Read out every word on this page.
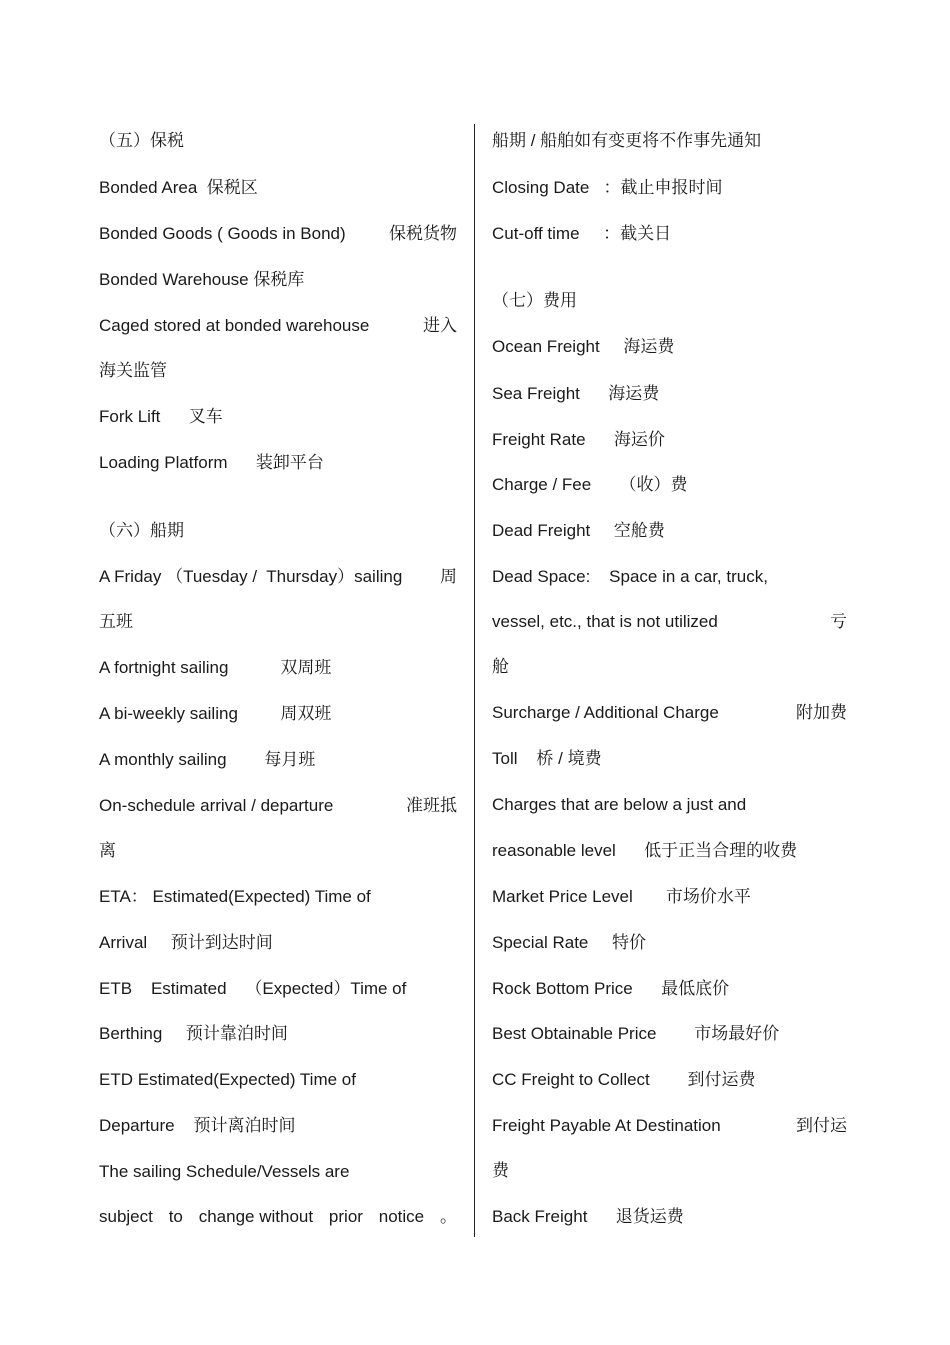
（五）保税
Bonded Area  保税区
Bonded Goods ( Goods in Bond)	保税货物
Bonded Warehouse 保税库
Caged stored at bonded warehouse	进入
海关监管
Fork Lift      叉车
Loading Platform      装卸平台
（六）船期
A Friday （Tuesday /  Thursday）sailing 周
五班
A fortnight sailing           双周班
A bi-weekly sailing         周双班
A monthly sailing        每月班
On-schedule arrival / departure	准班抵
离
ETA： Estimated(Expected) Time of
Arrival     预计到达时间
ETB    Estimated    （Expected）Time of
Berthing     预计靠泊时间
ETD Estimated(Expected) Time of
Departure    预计离泊时间
The sailing Schedule/Vessels are
subject to change without prior notice 。
船期 / 船舶如有变更将不作事先通知
Closing Date   ：截止申报时间
Cut-off time     ：截关日
（七）费用
Ocean Freight     海运费
Sea Freight      海运费
Freight Rate      海运价
Charge / Fee      （收）费
Dead Freight     空舱费
Dead Space:    Space in a car, truck,
vessel, etc., that is not utilized	亏
舱
Surcharge / Additional Charge	附加费
Toll    桥 / 境费
Charges that are below a just and
reasonable level      低于正当合理的收费
Market Price Level       市场价水平
Special Rate     特价
Rock Bottom Price      最低底价
Best Obtainable Price        市场最好价
CC Freight to Collect        到付运费
Freight Payable At Destination	到付运
费
Back Freight      退货运费
